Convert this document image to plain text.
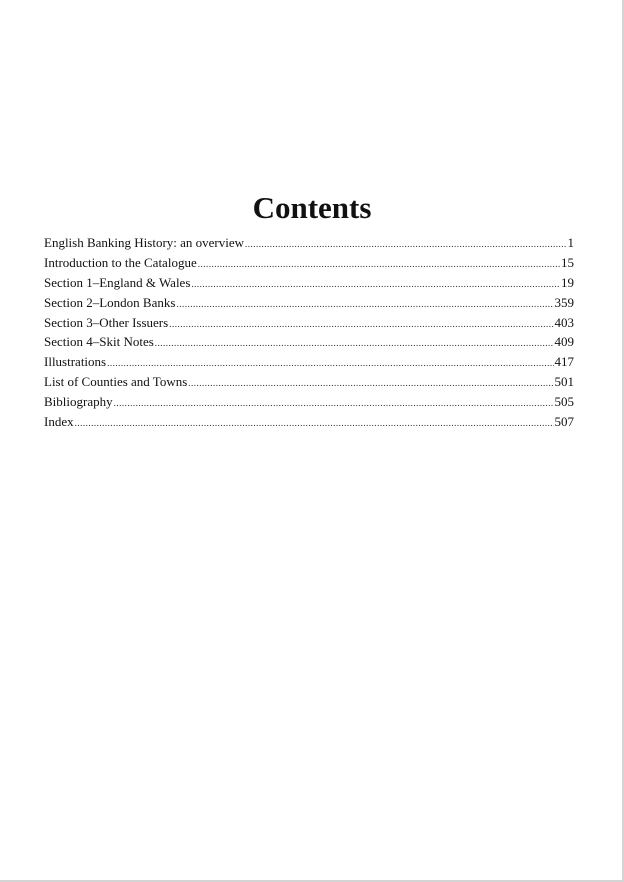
Contents
English Banking History: an overview .....	1
Introduction to the Catalogue .....	15
Section 1–England & Wales .....	19
Section 2–London Banks .....	359
Section 3–Other Issuers .....	403
Section 4–Skit Notes .....	409
Illustrations .....	417
List of Counties and Towns .....	501
Bibliography .....	505
Index .....	507
